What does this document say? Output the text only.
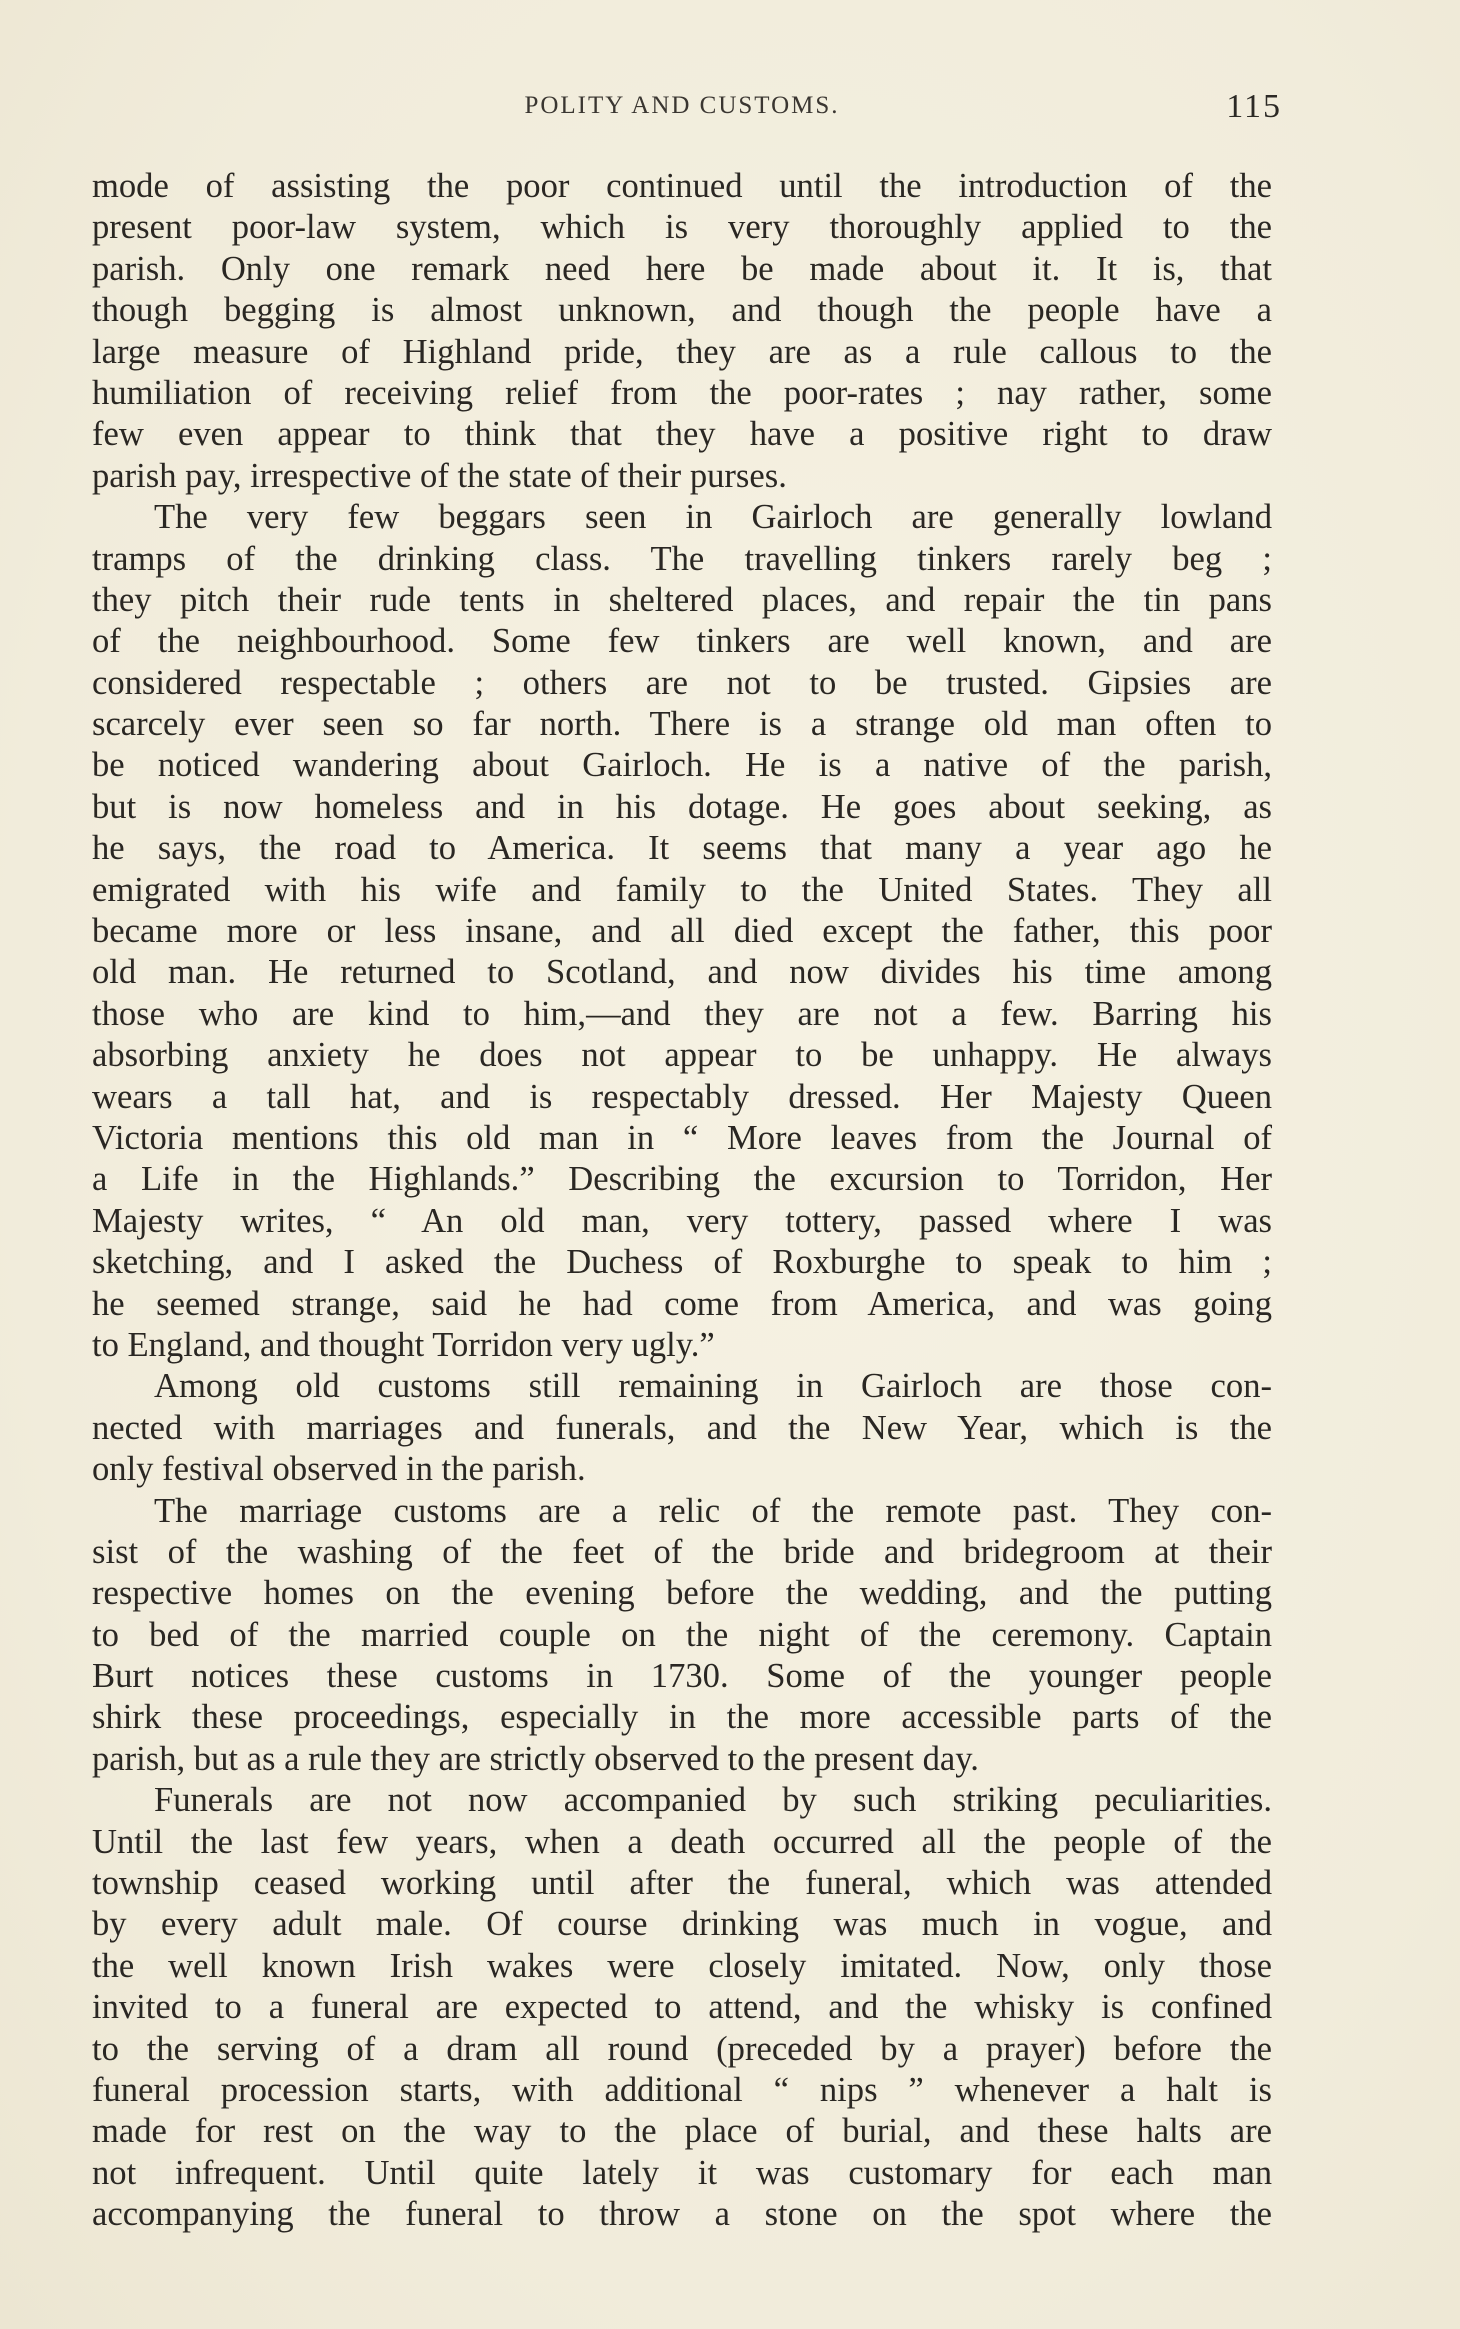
POLITY AND CUSTOMS.	115
mode of assisting the poor continued until the introduction of the
present poor-law system, which is very thoroughly applied to the
parish. Only one remark need here be made about it. It is, that
though begging is almost unknown, and though the people have a
large measure of Highland pride, they are as a rule callous to the
humiliation of receiving relief from the poor-rates ; nay rather, some
few even appear to think that they have a positive right to draw
parish pay, irrespective of the state of their purses.
The very few beggars seen in Gairloch are generally lowland
tramps of the drinking class. The travelling tinkers rarely beg ;
they pitch their rude tents in sheltered places, and repair the tin pans
of the neighbourhood. Some few tinkers are well known, and are
considered respectable ; others are not to be trusted. Gipsies are
scarcely ever seen so far north. There is a strange old man often to
be noticed wandering about Gairloch. He is a native of the parish,
but is now homeless and in his dotage. He goes about seeking, as
he says, the road to America. It seems that many a year ago he
emigrated with his wife and family to the United States. They all
became more or less insane, and all died except the father, this poor
old man. He returned to Scotland, and now divides his time among
those who are kind to him,—and they are not a few. Barring his
absorbing anxiety he does not appear to be unhappy. He always
wears a tall hat, and is respectably dressed. Her Majesty Queen
Victoria mentions this old man in “ More leaves from the Journal of
a Life in the Highlands.” Describing the excursion to Torridon, Her
Majesty writes, “ An old man, very tottery, passed where I was
sketching, and I asked the Duchess of Roxburghe to speak to him ;
he seemed strange, said he had come from America, and was going
to England, and thought Torridon very ugly.”
Among old customs still remaining in Gairloch are those con-
nected with marriages and funerals, and the New Year, which is the
only festival observed in the parish.
The marriage customs are a relic of the remote past. They con-
sist of the washing of the feet of the bride and bridegroom at their
respective homes on the evening before the wedding, and the putting
to bed of the married couple on the night of the ceremony. Captain
Burt notices these customs in 1730. Some of the younger people
shirk these proceedings, especially in the more accessible parts of the
parish, but as a rule they are strictly observed to the present day.
Funerals are not now accompanied by such striking peculiarities.
Until the last few years, when a death occurred all the people of the
township ceased working until after the funeral, which was attended
by every adult male. Of course drinking was much in vogue, and
the well known Irish wakes were closely imitated. Now, only those
invited to a funeral are expected to attend, and the whisky is confined
to the serving of a dram all round (preceded by a prayer) before the
funeral procession starts, with additional “ nips ” whenever a halt is
made for rest on the way to the place of burial, and these halts are
not infrequent. Until quite lately it was customary for each man
accompanying the funeral to throw a stone on the spot where the
